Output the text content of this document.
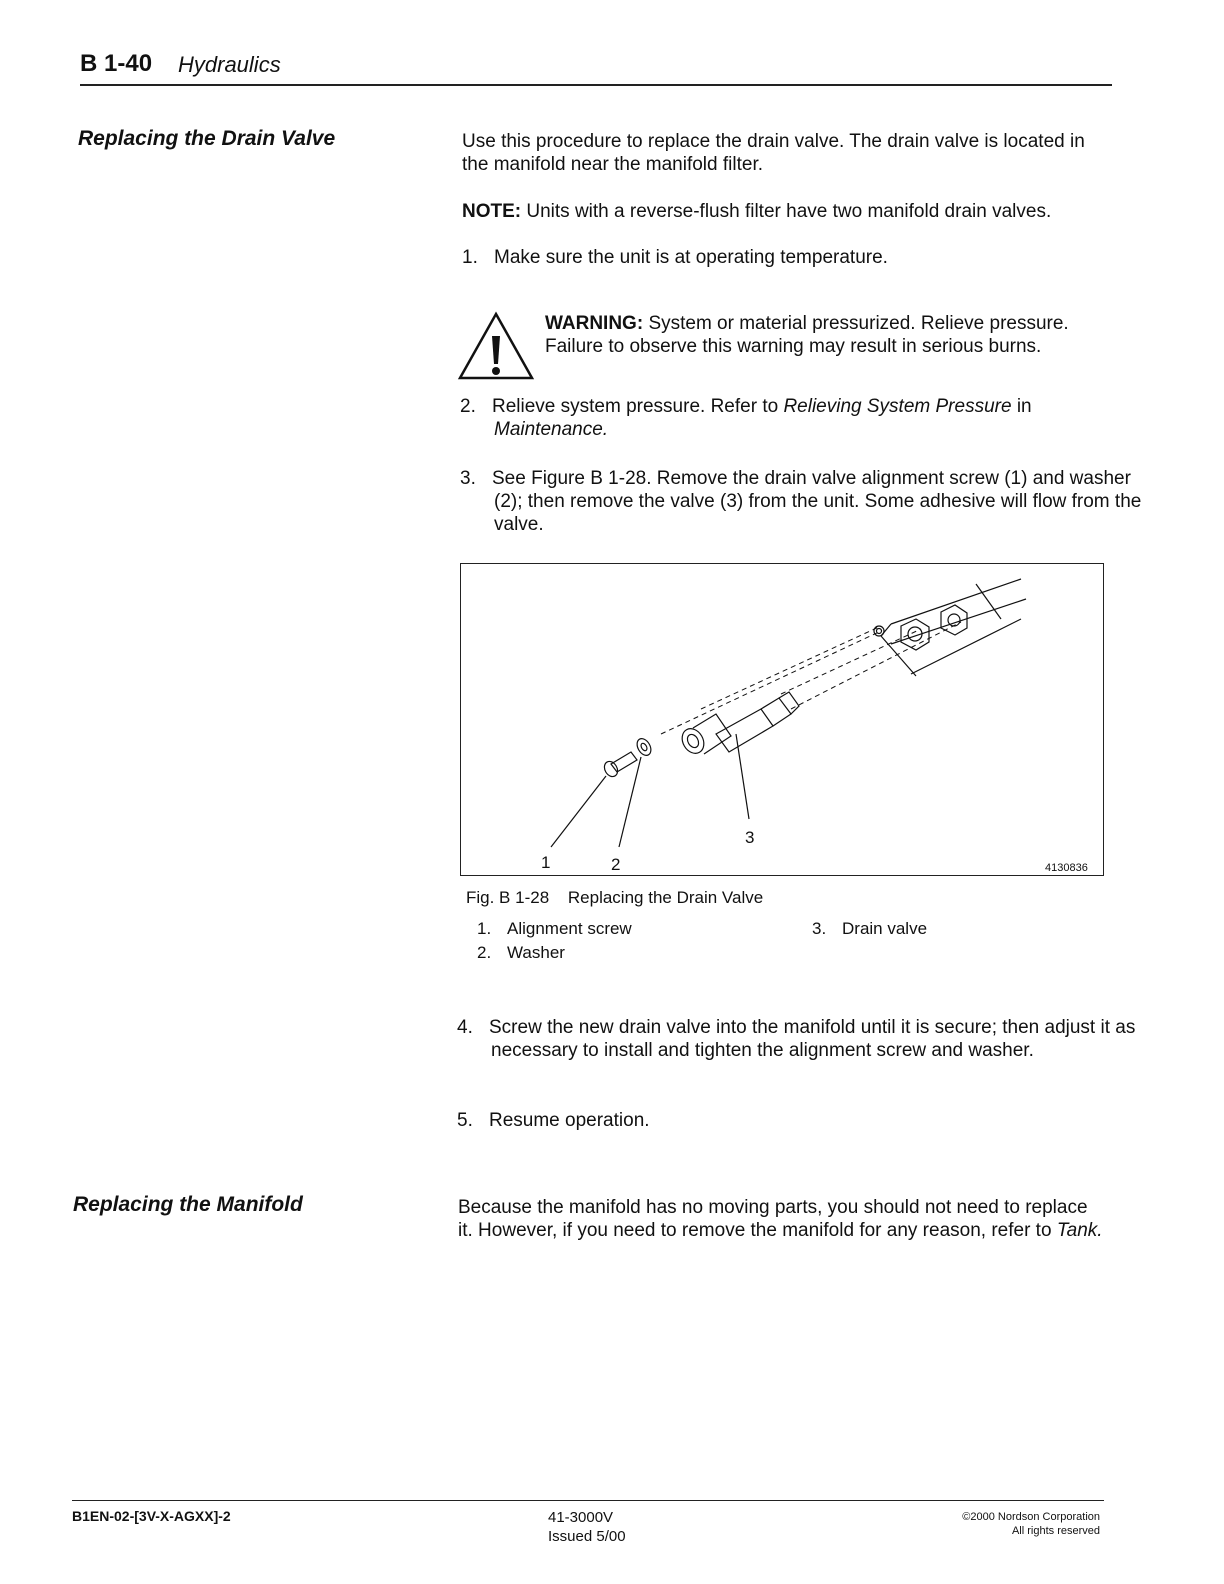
B 1-40 Hydraulics
Replacing the Drain Valve	Use this procedure to replace the drain valve. The drain valve is located in the manifold near the manifold filter.
NOTE: Units with a reverse-flush filter have two manifold drain valves.
1. Make sure the unit is at operating temperature.
WARNING: System or material pressurized. Relieve pressure. Failure to observe this warning may result in serious burns.
2. Relieve system pressure. Refer to Relieving System Pressure in Maintenance.
3. See Figure B 1-28. Remove the drain valve alignment screw (1) and washer (2); then remove the valve (3) from the unit. Some adhesive will flow from the valve.
1	2
3
4130836
Fig. B 1-28 Replacing the Drain Valve
1. Alignment screw
2. Washer
3. Drain valve
4. Screw the new drain valve into the manifold until it is secure; then adjust it as necessary to install and tighten the alignment screw and washer.
5. Resume operation.
Replacing the Manifold	Because the manifold has no moving parts, you should not need to replace it. However, if you need to remove the manifold for any reason, refer to Tank.
B1EN-02-[3V-X-AGXX]-2	41-3000V
Issued 5/00
©2000 Nordson Corporation
All rights reserved
